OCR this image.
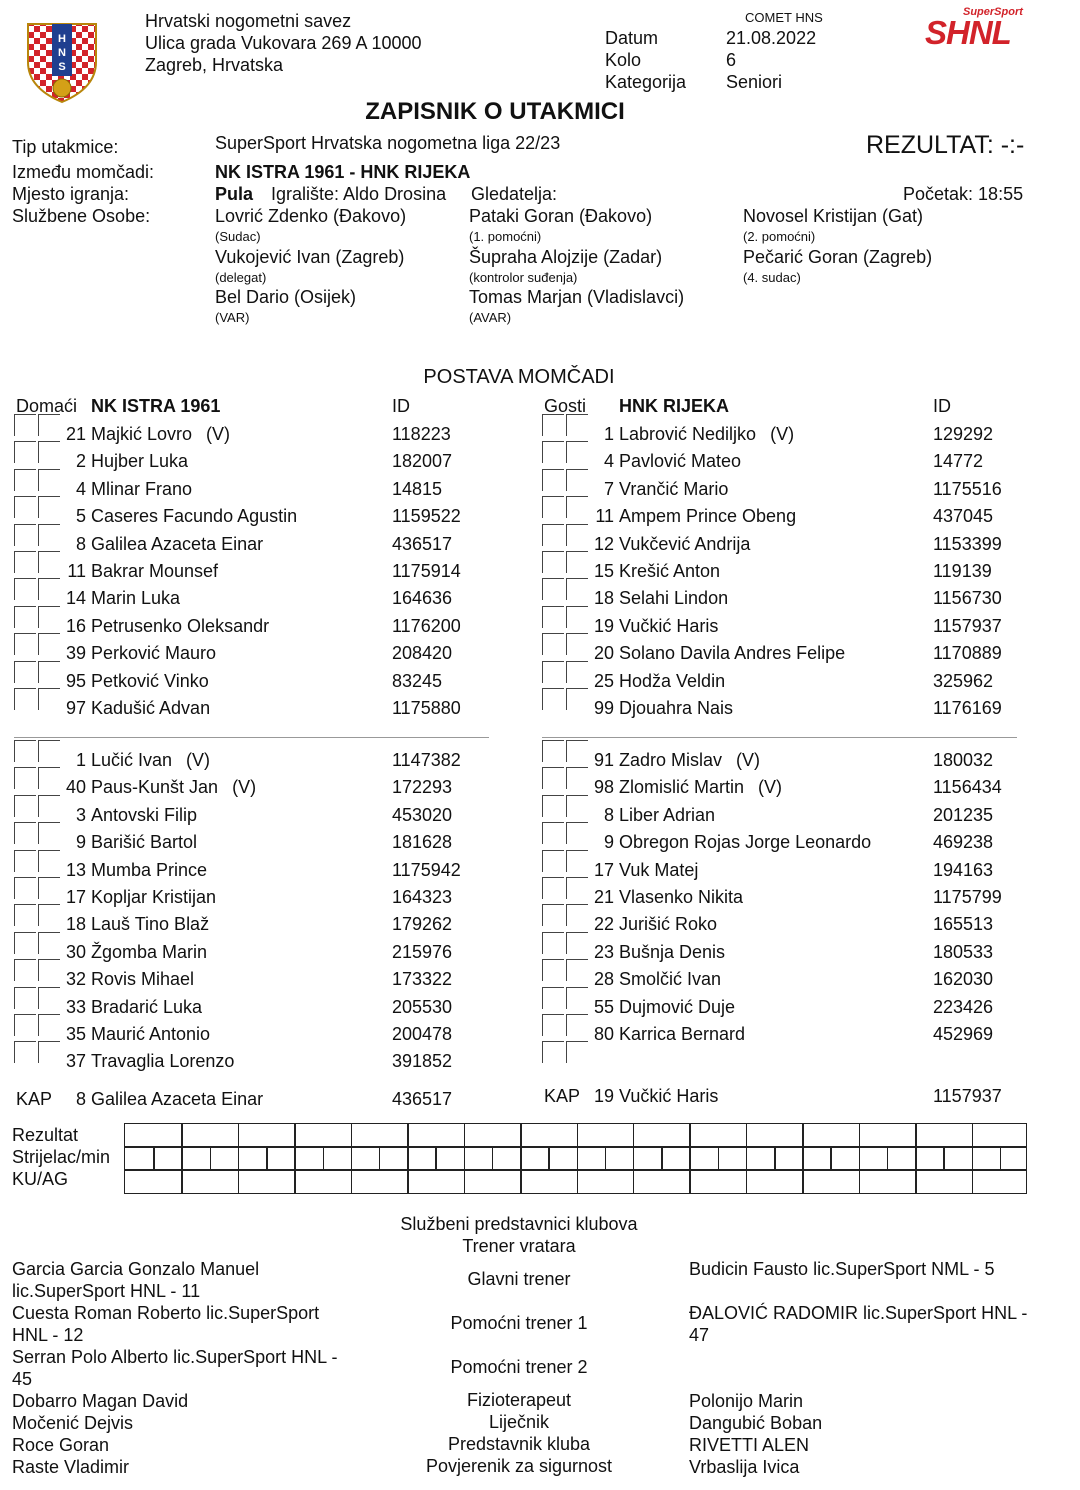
H
N
S
Hrvatski nogometni savez
Ulica grada Vukovara 269 A 10000
Zagreb, Hrvatska
COMET HNS
Datum	21.08.2022
Kolo	6
Kategorija Seniori
SuperSport
SHNL
ZAPISNIK O UTAKMICI
Tip utakmice:	SuperSport Hrvatska nogometna liga 22/23	REZULTAT: -:-
Između momčadi:	NK ISTRA 1961 - HNK RIJEKA
Mjesto igranja:	Pula Igralište: Aldo Drosina Gledatelja:	Početak: 18:55
Službene Osobe:	Lovrić Zdenko (Đakovo)
(Sudac)
Pataki Goran (Đakovo)
(1. pomoćni)
Novosel Kristijan (Gat)
(2. pomoćni)
Vukojević Ivan (Zagreb)
(delegat)
Šupraha Alojzije (Zadar)
(kontrolor suđenja)
Pečarić Goran (Zagreb)
(4. sudac)
Bel Dario (Osijek)
(VAR)
Tomas Marjan (Vladislavci)
(AVAR)
POSTAVA MOMČADI
Domaći NK ISTRA 1961	ID	Gosti HNK RIJEKA	ID
21 Majkić Lovro (V)	118223
2 Hujber Luka	182007
4 Mlinar Frano	14815
5 Caseres Facundo Agustin	1159522
8 Galilea Azaceta Einar	436517
11 Bakrar Mounsef	1175914
14 Marin Luka	164636
16 Petrusenko Oleksandr	1176200
39 Perković Mauro	208420
95 Petković Vinko	83245
97 Kadušić Advan	1175880
1 Lučić Ivan (V)	1147382
40 Paus-Kunšt Jan (V)	172293
3 Antovski Filip	453020
9 Barišić Bartol	181628
13 Mumba Prince	1175942
17 Kopljar Kristijan	164323
18 Lauš Tino Blaž	179262
30 Žgomba Marin	215976
32 Rovis Mihael	173322
33 Bradarić Luka	205530
35 Maurić Antonio	200478
37 Travaglia Lorenzo	391852
1 Labrović Nediljko (V)	129292
4 Pavlović Mateo	14772
7 Vrančić Mario	1175516
11 Ampem Prince Obeng	437045
12 Vukčević Andrija	1153399
15 Krešić Anton	119139
18 Selahi Lindon	1156730
19 Vučkić Haris	1157937
20 Solano Davila Andres Felipe	1170889
25 Hodža Veldin	325962
99 Djouahra Nais	1176169
91 Zadro Mislav (V)	180032
98 Zlomislić Martin (V)	1156434
8 Liber Adrian	201235
9 Obregon Rojas Jorge Leonardo	469238
17 Vuk Matej	194163
21 Vlasenko Nikita	1175799
22 Jurišić Roko	165513
23 Bušnja Denis	180533
28 Smolčić Ivan	162030
55 Dujmović Duje	223426
80 Karrica Bernard	452969
KAP	8 Galilea Azaceta Einar	436517	KAP 19 Vučkić Haris	1157937
Rezultat
Strijelac/min
KU/AG
Službeni predstavnici klubova
Trener vratara
Garcia Garcia Gonzalo Manuel lic.SuperSport HNL - 11
Glavni trener	Budicin Fausto lic.SuperSport NML - 5
Cuesta Roman Roberto lic.SuperSport HNL - 12
Pomoćni trener 1	ĐALOVIĆ RADOMIR lic.SuperSport HNL - 47
Serran Polo Alberto lic.SuperSport HNL - 45
Pomoćni trener 2
Dobarro Magan David	Fizioterapeut	Polonijo Marin
Močenić Dejvis	Liječnik	Dangubić Boban
Roce Goran	Predstavnik kluba	RIVETTI ALEN
Raste Vladimir	Povjerenik za sigurnost	Vrbaslija Ivica
